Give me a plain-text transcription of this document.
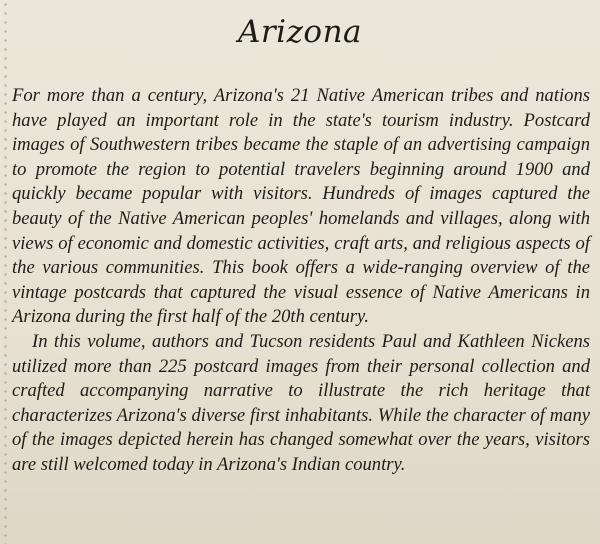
Arizona

For more than a century, Arizona's 21 Native American tribes and nations have played an important role in the state's tourism industry. Postcard images of Southwestern tribes became the staple of an advertising campaign to promote the region to potential travelers beginning around 1900 and quickly became popular with visitors. Hundreds of images captured the beauty of the Native American peoples' homelands and villages, along with views of economic and domestic activities, craft arts, and religious aspects of the various communities. This book offers a wide-ranging overview of the vintage postcards that captured the visual essence of Native Americans in Arizona during the first half of the 20th century.

In this volume, authors and Tucson residents Paul and Kathleen Nickens utilized more than 225 postcard images from their personal collection and crafted accompanying narrative to illustrate the rich heritage that characterizes Arizona's diverse first inhabitants. While the character of many of the images depicted herein has changed somewhat over the years, visitors are still welcomed today in Arizona's Indian country.
